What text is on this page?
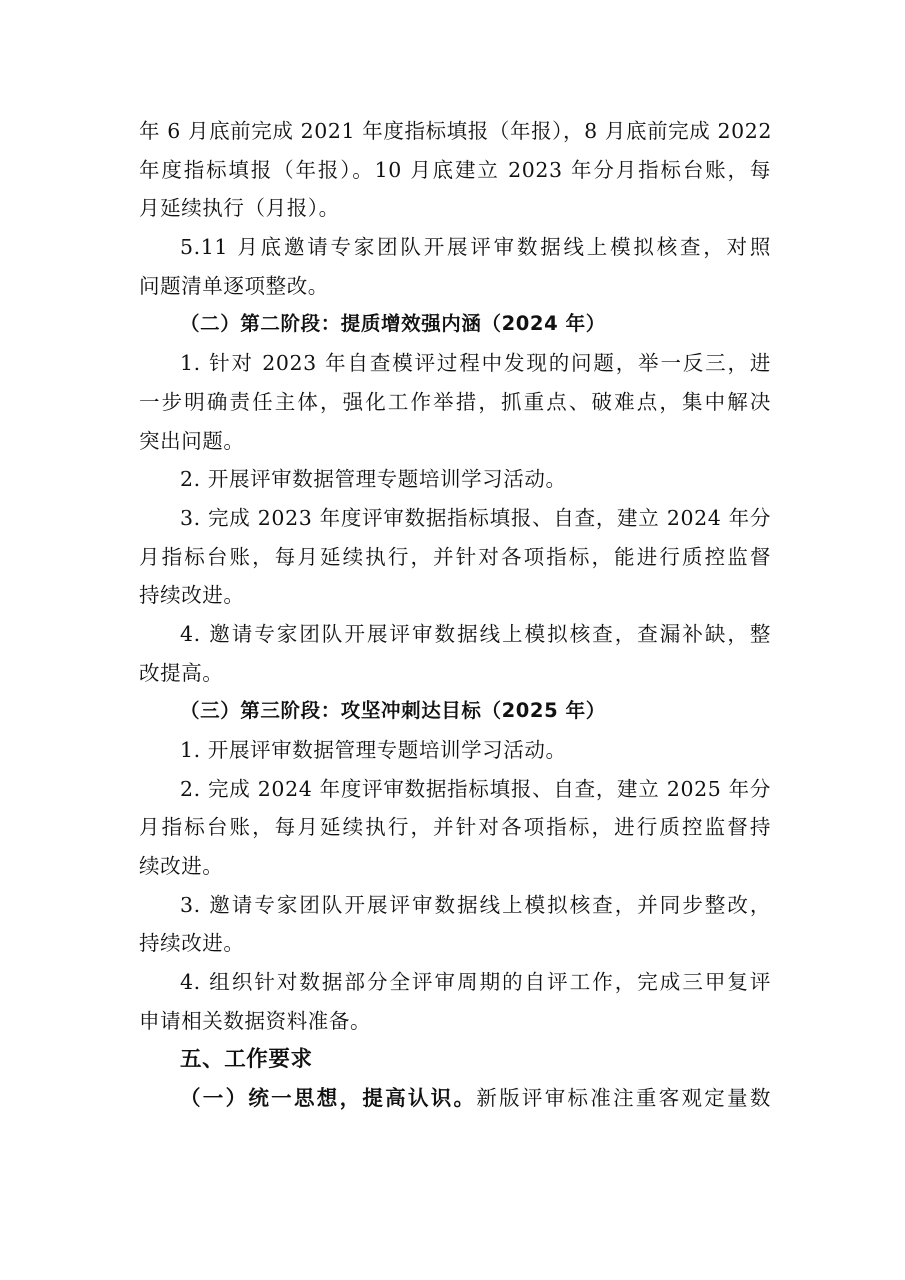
年 6 月底前完成 2021 年度指标填报（年报），8 月底前完成 2022
年度指标填报（年报）。10 月底建立 2023 年分月指标台账，每
月延续执行（月报）。
5.11 月底邀请专家团队开展评审数据线上模拟核查，对照
问题清单逐项整改。
（二）第二阶段：提质增效强内涵（2024 年）
1. 针对 2023 年自查模评过程中发现的问题，举一反三，进
一步明确责任主体，强化工作举措，抓重点、破难点，集中解决
突出问题。
2. 开展评审数据管理专题培训学习活动。
3. 完成 2023 年度评审数据指标填报、自查，建立 2024 年分
月指标台账，每月延续执行，并针对各项指标，能进行质控监督
持续改进。
4. 邀请专家团队开展评审数据线上模拟核查，查漏补缺，整
改提高。
（三）第三阶段：攻坚冲刺达目标（2025 年）
1. 开展评审数据管理专题培训学习活动。
2. 完成 2024 年度评审数据指标填报、自查，建立 2025 年分
月指标台账，每月延续执行，并针对各项指标，进行质控监督持
续改进。
3. 邀请专家团队开展评审数据线上模拟核查，并同步整改，
持续改进。
4. 组织针对数据部分全评审周期的自评工作，完成三甲复评
申请相关数据资料准备。
五、工作要求
（一）统一思想，提高认识。新版评审标准注重客观定量数
